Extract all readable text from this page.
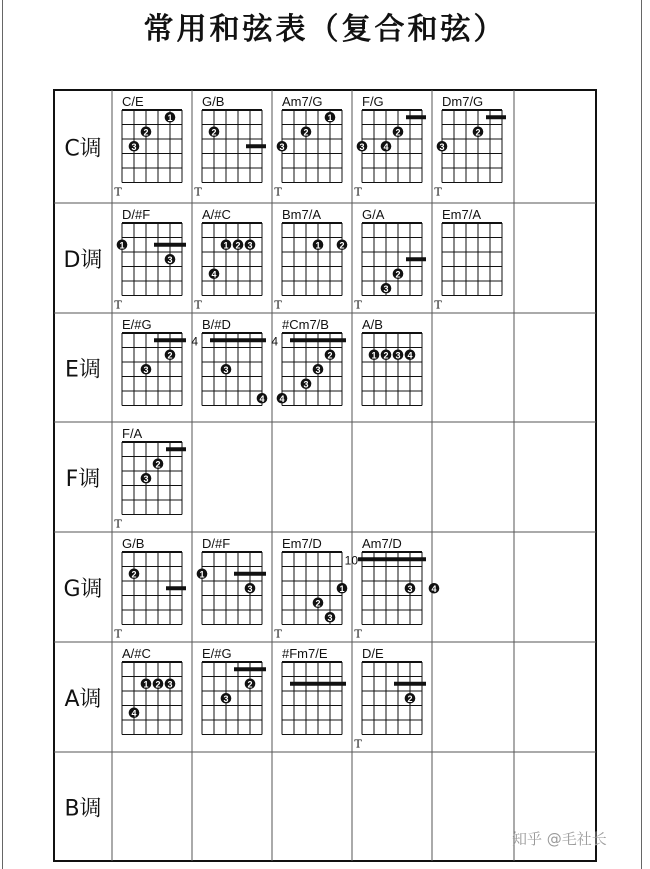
常用和弦表（复合和弦）
C调
C/E
1
2
3
T
G/B
2
T
Am7/G
1
2
3
T
F/G
2
3 4
T
Dm7/G
2
3
T
D调
D/#F
1
3
T
A/#C
1 2 3
4
T
Bm7/A
1 2
T
G/A
2
3
T
Em7/A
T
E调
E/#G
2
3
B/#D
4
3
4
#Cm7/B
4
2
3
3
4
A/B
1 2 3 4
F调
F/A
2
3
T
G调
G/B
2
T
D/#F
1
3
Em7/D
1
2
3
T
Am7/D
10
3 4
T
A调
A/#C
1 2 3
4
E/#G
2
3
#Fm7/E	D/E
2
T
B调
知乎 @毛社长
